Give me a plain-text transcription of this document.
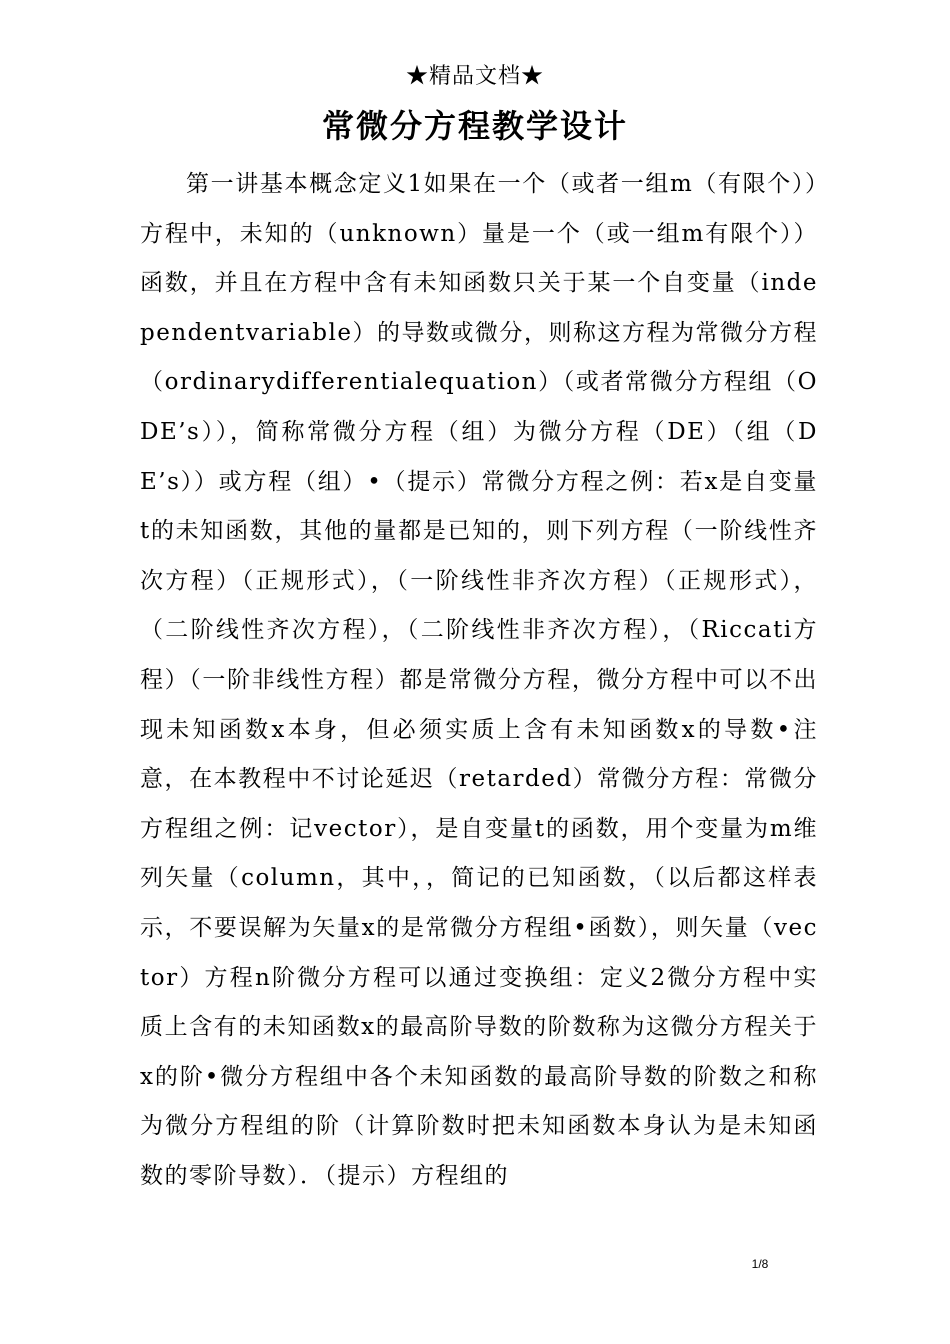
★精品文档★
常微分方程教学设计

第一讲基本概念定义1如果在一个（或者一组m（有限个））方程中，未知的（unknown）量是一个（或一组m有限个））函数，并且在方程中含有未知函数只关于某一个自变量（independentvariable）的导数或微分，则称这方程为常微分方程（ordinarydifferentialequation）（或者常微分方程组（ODE’s）），简称常微分方程（组）为微分方程（DE）（组（DE’s））或方程（组）•（提示）常微分方程之例：若x是自变量t的未知函数，其他的量都是已知的，则下列方程（一阶线性齐次方程）（正规形式），（一阶线性非齐次方程）（正规形式），（二阶线性齐次方程），（二阶线性非齐次方程），（Riccati方程）（一阶非线性方程）都是常微分方程，微分方程中可以不出现未知函数x本身，但必须实质上含有未知函数x的导数•注意，在本教程中不讨论延迟（retarded）常微分方程：常微分方程组之例：记vector），是自变量t的函数，用个变量为m维列矢量（column，其中，，简记的已知函数，（以后都这样表示，不要误解为矢量x的是常微分方程组•函数），则矢量（vector）方程n阶微分方程可以通过变换组：定义2微分方程中实质上含有的未知函数x的最高阶导数的阶数称为这微分方程关于x的阶•微分方程组中各个未知函数的最高阶导数的阶数之和称为微分方程组的阶（计算阶数时把未知函数本身认为是未知函数的零阶导数）．（提示）方程组的

1/8
